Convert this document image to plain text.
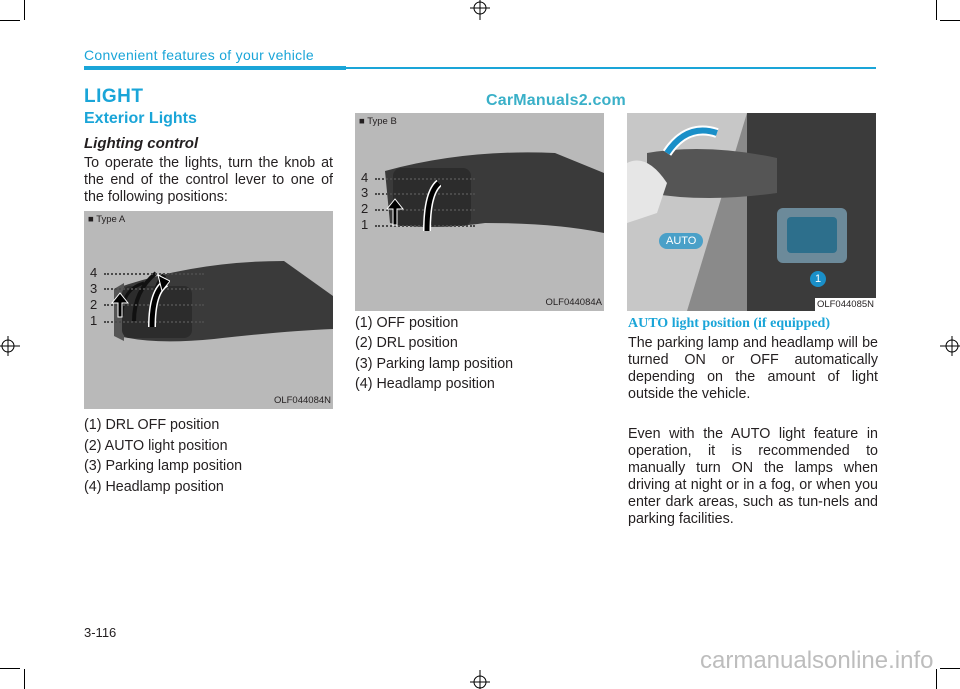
Convenient features of your vehicle
LIGHT	CarManuals2.com
Exterior Lights
Lighting control
To operate the lights, turn the knob at the end of the control lever to one of the following positions:
■ Type A
4
3
2
1
OLF044084N
(1) DRL OFF position
(2) AUTO light position
(3) Parking lamp position
(4) Headlamp position
■ Type B
4
3
2
1
OLF044084A
(1) OFF position
(2) DRL position
(3) Parking lamp position
(4) Headlamp position
AUTO
1
OLF044085N
AUTO light position (if equipped)
The parking lamp and headlamp will be turned ON or OFF automatically depending on the amount of light outside the vehicle.
Even with the AUTO light feature in operation, it is recommended to manually turn ON the lamps when driving at night or in a fog, or when you enter dark areas, such as tun-nels and parking facilities.
3-116
carmanualsonline.info
